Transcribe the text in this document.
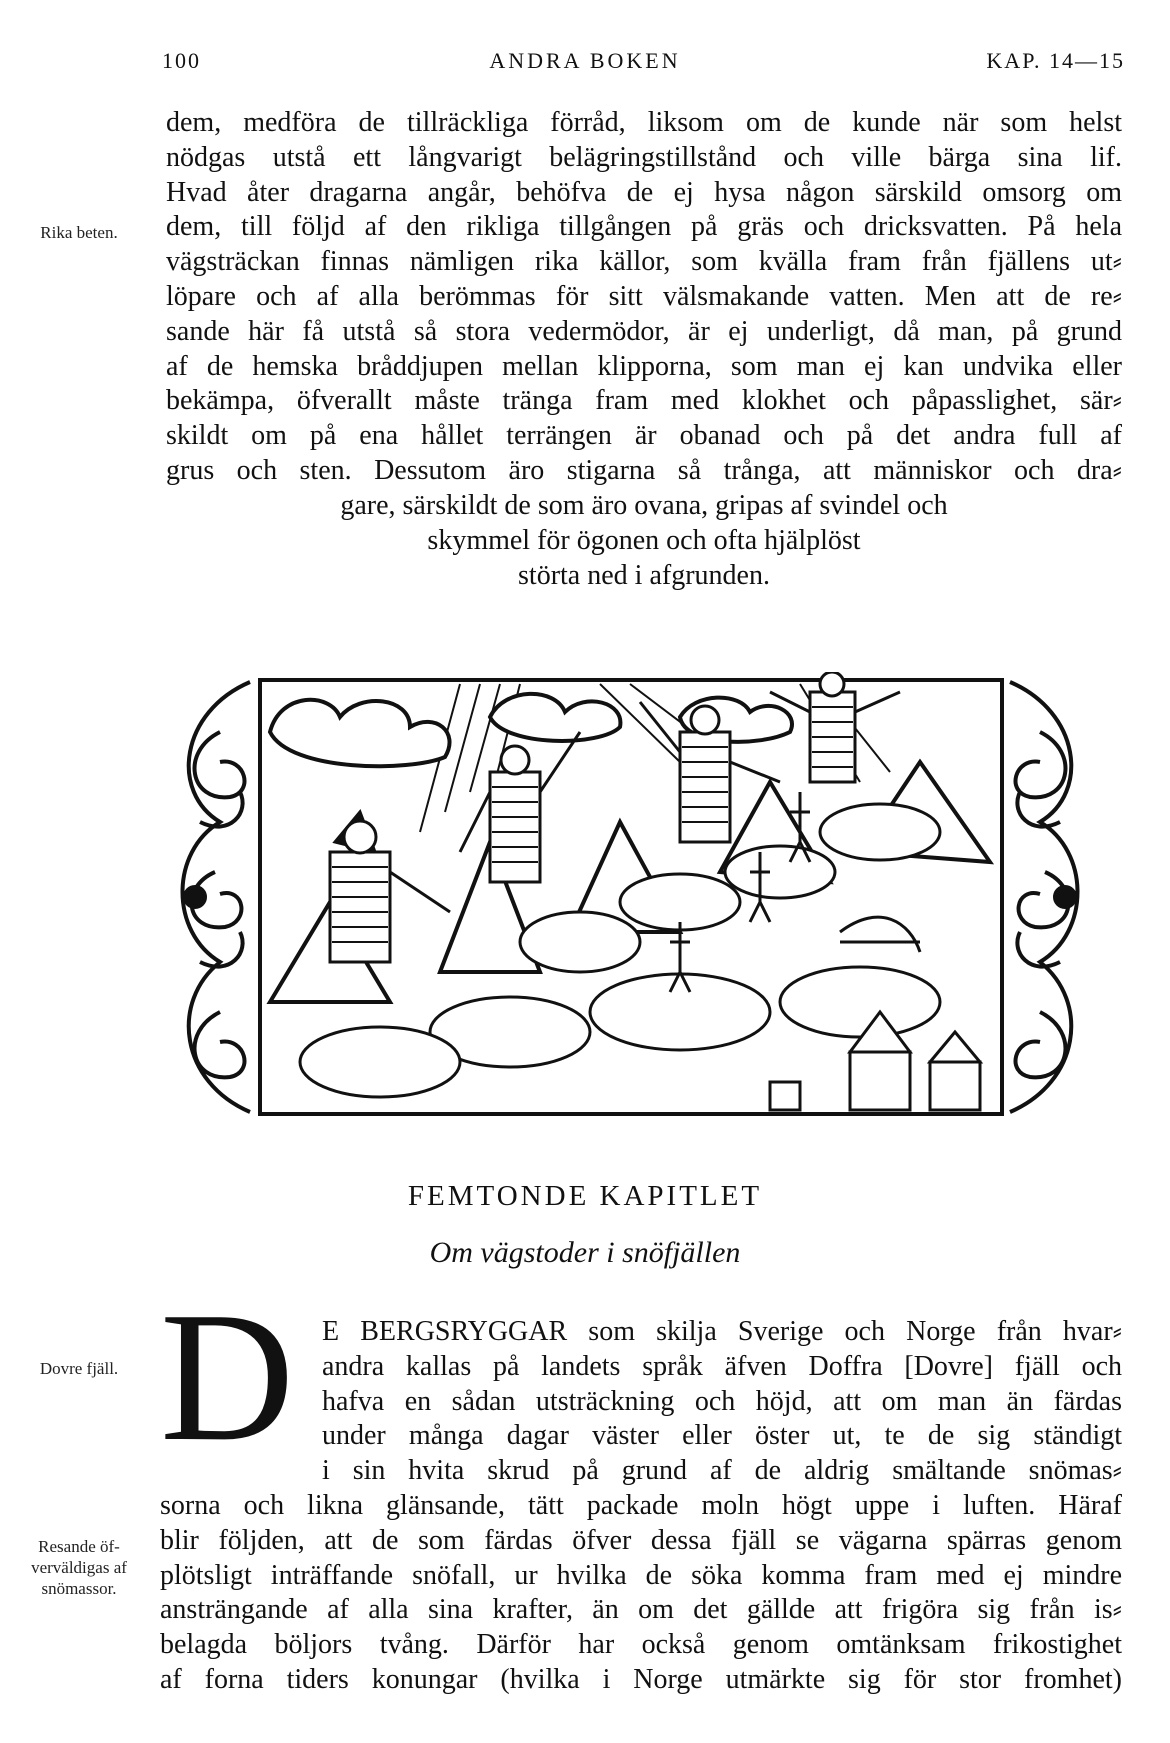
100	ANDRA BOKEN	KAP. 14—15
Rika beten.
dem, medföra de tillräckliga förråd, liksom om de kunde när som helst
nödgas utstå ett långvarigt belägringstillstånd och ville bärga sina lif.
Hvad åter dragarna angår, behöfva de ej hysa någon särskild omsorg om
dem, till följd af den rikliga tillgången på gräs och dricksvatten. På hela
vägsträckan finnas nämligen rika källor, som kvälla fram från fjällens ut⸗
löpare och af alla berömmas för sitt välsmakande vatten. Men att de re⸗
sande här få utstå så stora vedermödor, är ej underligt, då man, på grund
af de hemska bråddjupen mellan klipporna, som man ej kan undvika eller
bekämpa, öfverallt måste tränga fram med klokhet och påpasslighet, sär⸗
skildt om på ena hållet terrängen är obanad och på det andra full af
grus och sten. Dessutom äro stigarna så trånga, att människor och dra⸗
gare, särskildt de som äro ovana, gripas af svindel och
skymmel för ögonen och ofta hjälplöst
störta ned i afgrunden.
FEMTONDE KAPITLET
Om vägstoder i snöfjällen
Dovre fjäll.
Resande öf-
verväldigas af
snömassor.
D E BERGSRYGGAR som skilja Sverige och Norge från hvar⸗
andra kallas på landets språk äfven Doffra [Dovre] fjäll och
hafva en sådan utsträckning och höjd, att om man än färdas
under många dagar väster eller öster ut, te de sig ständigt
i sin hvita skrud på grund af de aldrig smältande snömas⸗
sorna och likna glänsande, tätt packade moln högt uppe i luften. Häraf
blir följden, att de som färdas öfver dessa fjäll se vägarna spärras genom
plötsligt inträffande snöfall, ur hvilka de söka komma fram med ej mindre
ansträngande af alla sina krafter, än om det gällde att frigöra sig från is⸗
belagda böljors tvång. Därför har också genom omtänksam frikostighet
af forna tiders konungar (hvilka i Norge utmärkte sig för stor fromhet)
